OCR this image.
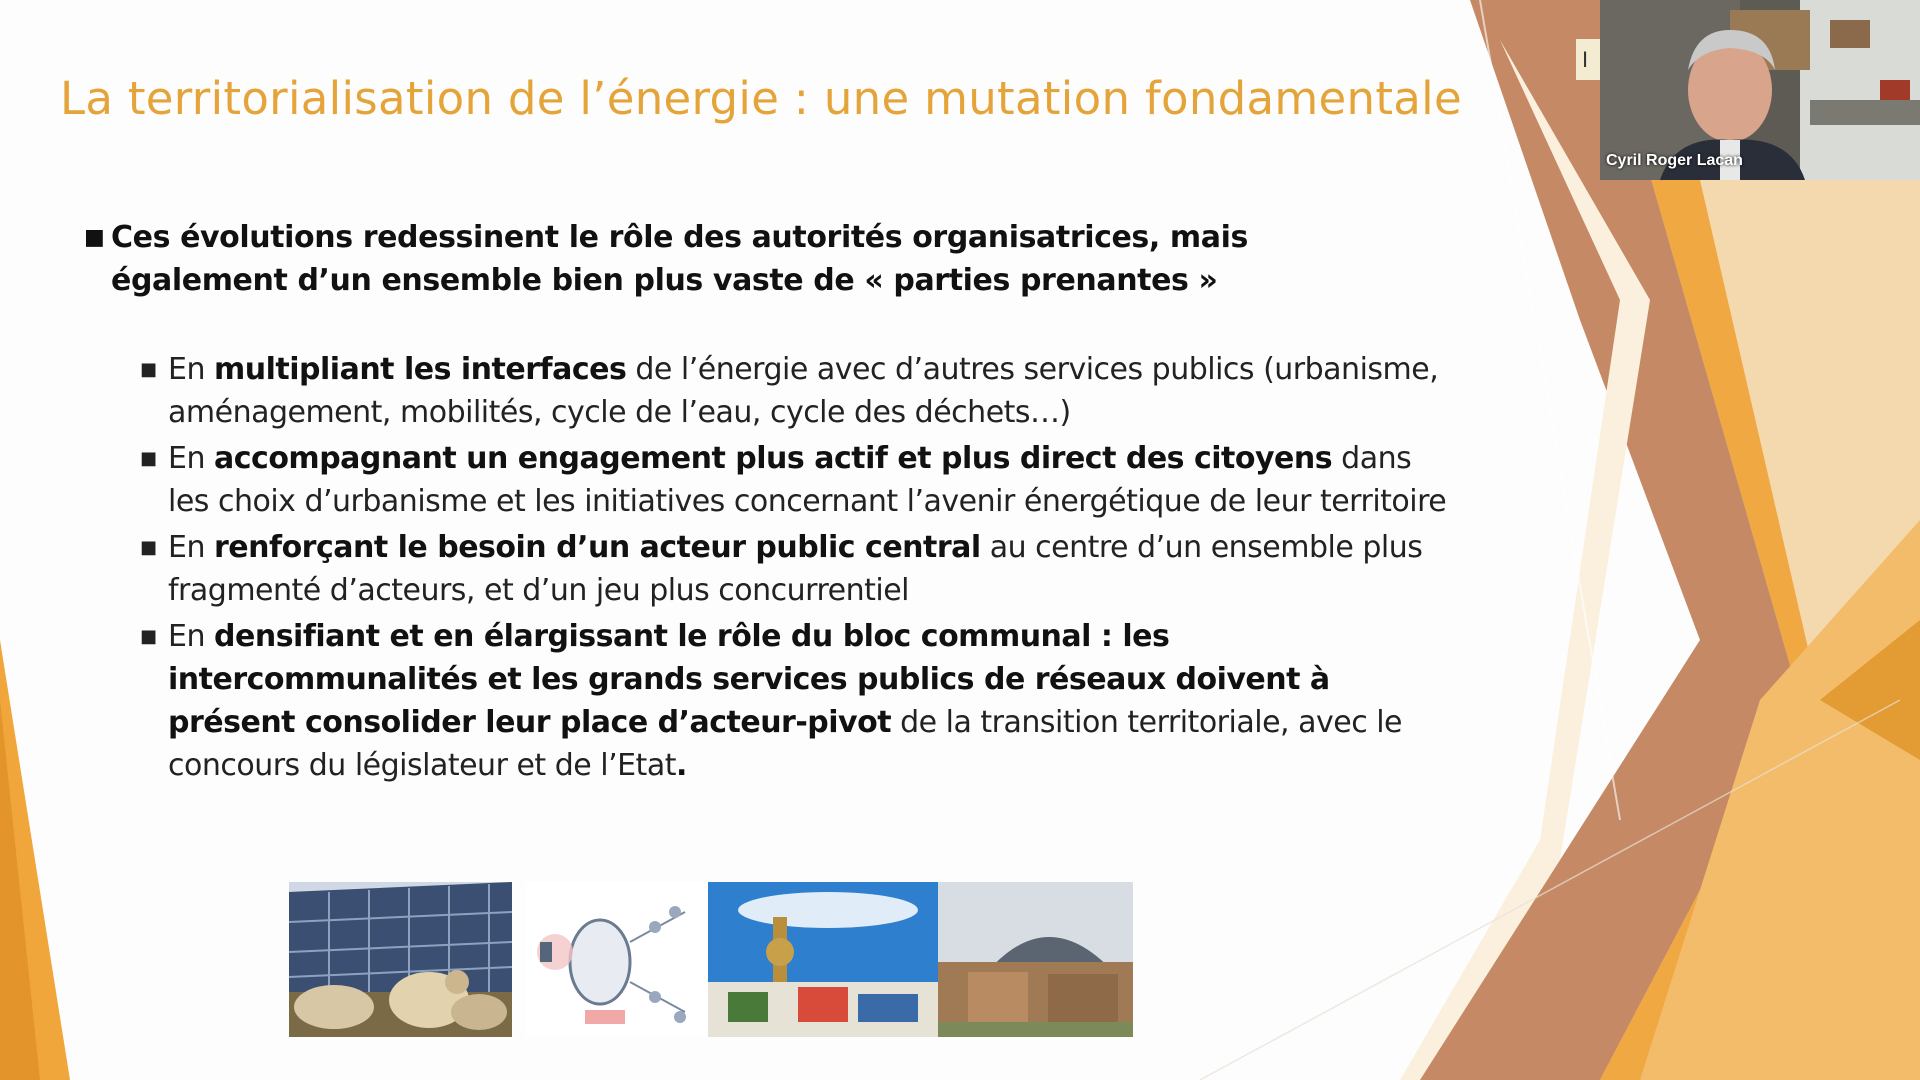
La territorialisation de l’énergie : une mutation fondamentale
■ Ces évolutions redessinent le rôle des autorités organisatrices, mais également d’un ensemble bien plus vaste de « parties prenantes »
■ En multipliant les interfaces de l’énergie avec d’autres services publics (urbanisme, aménagement, mobilités, cycle de l’eau, cycle des déchets…)
■ En accompagnant un engagement plus actif et plus direct des citoyens dans les choix d’urbanisme et les initiatives concernant l’avenir énergétique de leur territoire
■ En renforçant le besoin d’un acteur public central au centre d’un ensemble plus fragmenté d’acteurs, et d’un jeu plus concurrentiel
■ En densifiant et en élargissant le rôle du bloc communal : les intercommunalités et les grands services publics de réseaux doivent à présent consolider leur place d’acteur-pivot de la transition territoriale, avec le concours du législateur et de l’Etat.
I
Cyril Roger Lacan
